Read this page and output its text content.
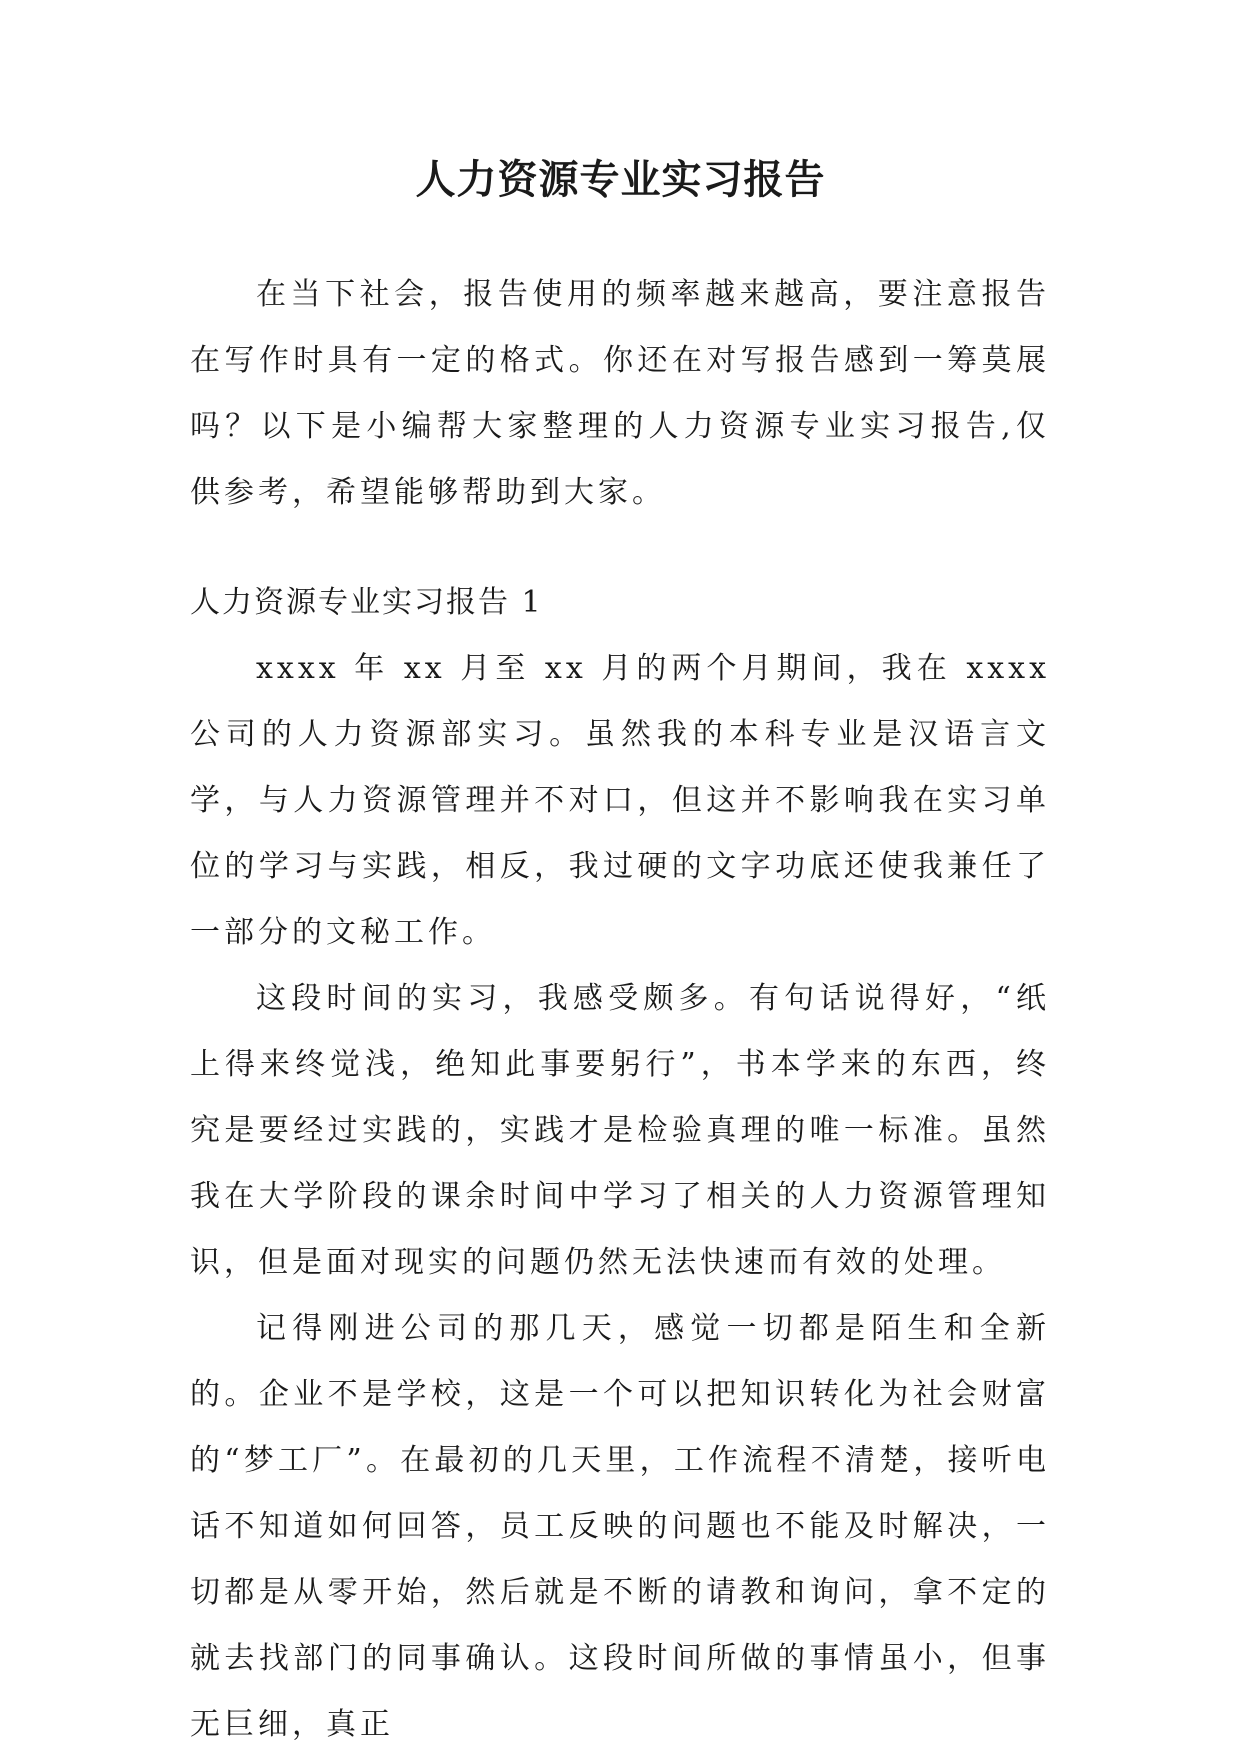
人力资源专业实习报告

在当下社会，报告使用的频率越来越高，要注意报告在写作时具有一定的格式。你还在对写报告感到一筹莫展吗？以下是小编帮大家整理的人力资源专业实习报告,仅供参考，希望能够帮助到大家。

人力资源专业实习报告 1

xxxx 年 xx 月至 xx 月的两个月期间，我在 xxxx 公司的人力资源部实习。虽然我的本科专业是汉语言文学，与人力资源管理并不对口，但这并不影响我在实习单位的学习与实践，相反，我过硬的文字功底还使我兼任了一部分的文秘工作。

这段时间的实习，我感受颇多。有句话说得好，“纸上得来终觉浅，绝知此事要躬行”，书本学来的东西，终究是要经过实践的，实践才是检验真理的唯一标准。虽然我在大学阶段的课余时间中学习了相关的人力资源管理知识，但是面对现实的问题仍然无法快速而有效的处理。

记得刚进公司的那几天，感觉一切都是陌生和全新的。企业不是学校，这是一个可以把知识转化为社会财富的“梦工厂”。在最初的几天里，工作流程不清楚，接听电话不知道如何回答，员工反映的问题也不能及时解决，一切都是从零开始，然后就是不断的请教和询问，拿不定的就去找部门的同事确认。这段时间所做的事情虽小，但事无巨细，真正
